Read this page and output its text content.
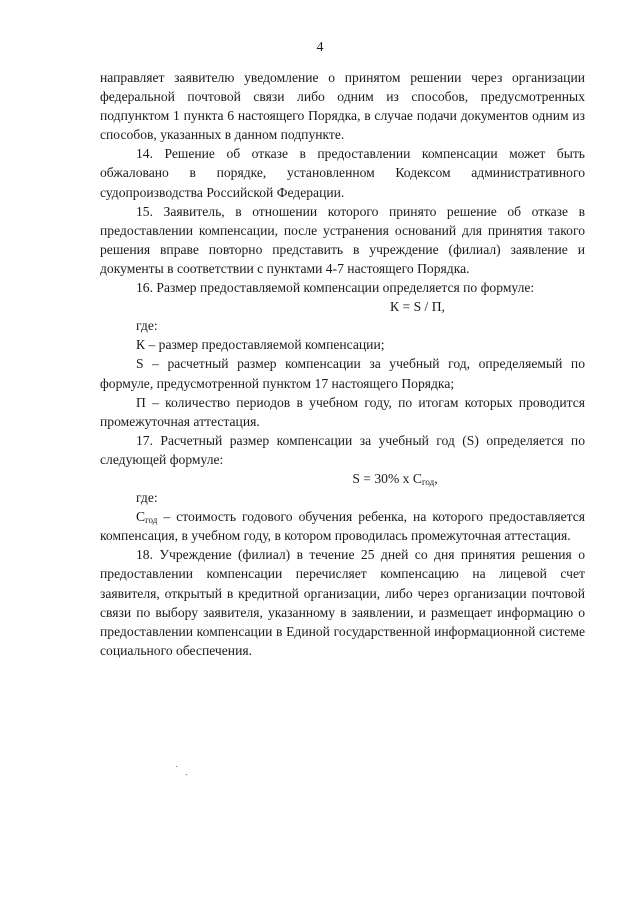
4

направляет заявителю уведомление о принятом решении через организации федеральной почтовой связи либо одним из способов, предусмотренных подпунктом 1 пункта 6 настоящего Порядка, в случае подачи документов одним из способов, указанных в данном подпункте.

14. Решение об отказе в предоставлении компенсации может быть обжаловано в порядке, установленном Кодексом административного судопроизводства Российской Федерации.

15. Заявитель, в отношении которого принято решение об отказе в предоставлении компенсации, после устранения оснований для принятия такого решения вправе повторно представить в учреждение (филиал) заявление и документы в соответствии с пунктами 4-7 настоящего Порядка.

16. Размер предоставляемой компенсации определяется по формуле:

К = S / П,

где:

К – размер предоставляемой компенсации;

S – расчетный размер компенсации за учебный год, определяемый по формуле, предусмотренной пунктом 17 настоящего Порядка;

П – количество периодов в учебном году, по итогам которых проводится промежуточная аттестация.

17. Расчетный размер компенсации за учебный год (S) определяется по следующей формуле:

S = 30% х $С_{год}$,

где:

$С_{год}$ – стоимость годового обучения ребенка, на которого предоставляется компенсация, в учебном году, в котором проводилась промежуточная аттестация.

18. Учреждение (филиал) в течение 25 дней со дня принятия решения о предоставлении компенсации перечисляет компенсацию на лицевой счет заявителя, открытый в кредитной организации, либо через организации почтовой связи по выбору заявителя, указанному в заявлении, и размещает информацию о предоставлении компенсации в Единой государственной информационной системе социального обеспечения.

˙ ˎ
